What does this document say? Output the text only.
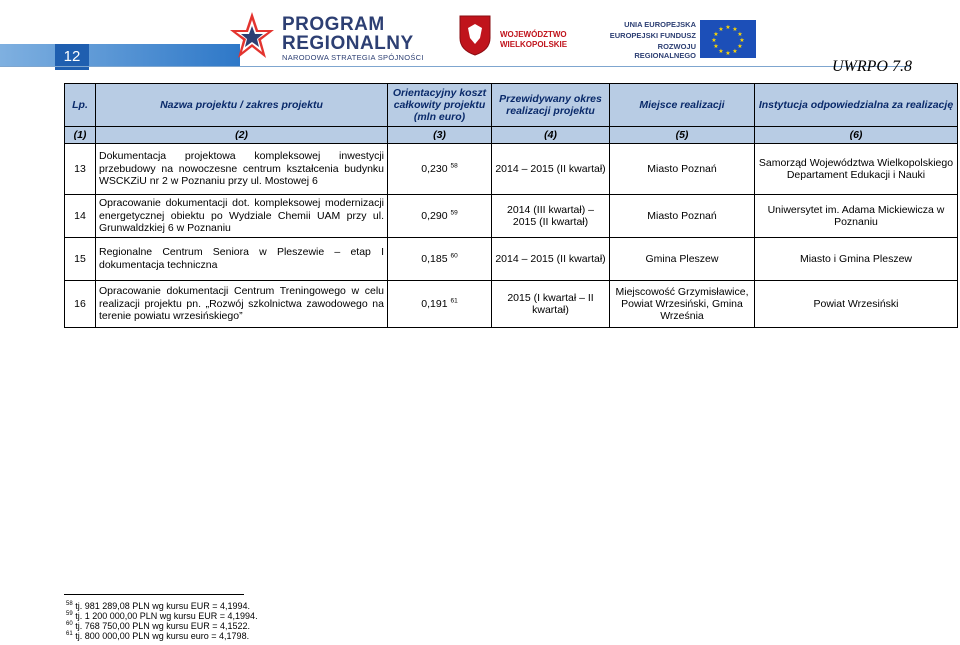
12
PROGRAM
REGIONALNY
NARODOWA STRATEGIA SPÓJNOŚCI
WOJEWÓDZTWO
WIELKOPOLSKIE
UNIA EUROPEJSKA
EUROPEJSKI FUNDUSZ
ROZWOJU REGIONALNEGO
★ ★
★
★
★
★
★
★
★
★
★
★
UWRPO 7.8
Lp.	Nazwa projektu / zakres projektu	Orientacyjny koszt całkowity projektu (mln euro)	Przewidywany okres realizacji projektu	Miejsce realizacji	Instytucja odpowiedzialna za realizację
(1)	(2)	(3)	(4)	(5)	(6)
13	Dokumentacja projektowa kompleksowej inwestycji przebudowy na nowoczesne centrum kształcenia budynku WSCKZiU nr 2 w Poznaniu przy ul. Mostowej 6	0,230 $^{58}$	2014 – 2015 (II kwartał)	Miasto Poznań	Samorząd Województwa Wielkopolskiego Departament Edukacji i Nauki
14	Opracowanie dokumentacji dot. kompleksowej modernizacji energetycznej obiektu po Wydziale Chemii UAM przy ul. Grunwaldzkiej 6 w Poznaniu	0,290 $^{59}$	2014 (III kwartał) – 2015 (II kwartał)	Miasto Poznań	Uniwersytet im. Adama Mickiewicza w Poznaniu
15	Regionalne Centrum Seniora w Pleszewie – etap I dokumentacja techniczna	0,185 $^{60}$	2014 – 2015 (II kwartał)	Gmina Pleszew	Miasto i Gmina Pleszew
16	Opracowanie dokumentacji Centrum Treningowego w celu realizacji projektu pn. „Rozwój szkolnictwa zawodowego na terenie powiatu wrzesińskiego”	0,191 $^{61}$	2015 (I kwartał – II kwartał)	Miejscowość Grzymisławice, Powiat Wrzesiński, Gmina Września	Powiat Wrzesiński
$^{58}$ tj. 981 289,08 PLN wg kursu EUR = 4,1994.
$^{59}$ tj. 1 200 000,00 PLN wg kursu EUR = 4,1994.
$^{60}$ tj. 768 750,00 PLN wg kursu EUR = 4,1522.
$^{61}$ tj. 800 000,00 PLN wg kursu euro = 4,1798.
